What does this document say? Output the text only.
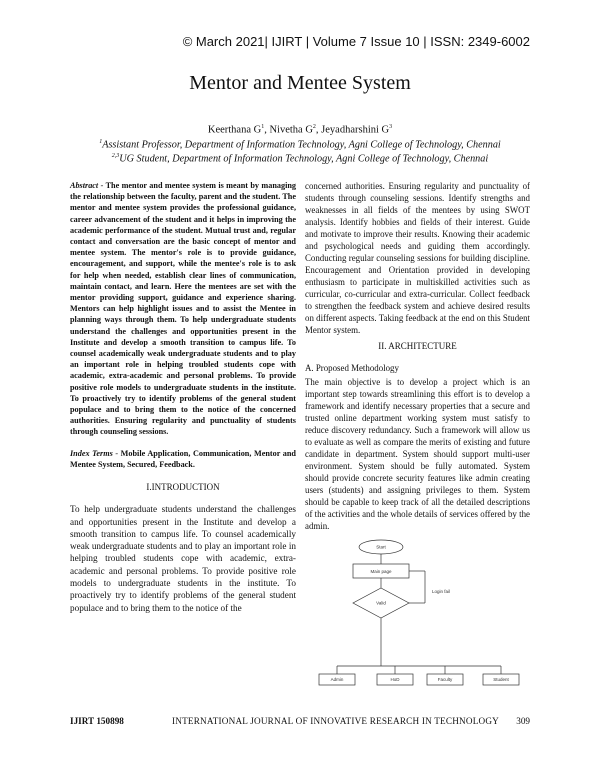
© March 2021| IJIRT | Volume 7 Issue 10 | ISSN: 2349-6002
Mentor and Mentee System
Keerthana $G^1$, Nivetha $G^2$, Jeyadharshini $G^3$
$^1$Assistant Professor, Department of Information Technology, Agni College of Technology, Chennai
$^{2,3}$UG Student, Department of Information Technology, Agni College of Technology, Chennai
Abstract - The mentor and mentee system is meant by managing the relationship between the faculty, parent and the student. The mentor and mentee system provides the professional guidance, career advancement of the student and it helps in improving the academic performance of the student. Mutual trust and, regular contact and conversation are the basic concept of mentor and mentee system. The mentor's role is to provide guidance, encouragement, and support, while the mentee's role is to ask for help when needed, establish clear lines of communication, maintain contact, and learn. Here the mentees are set with the mentor providing support, guidance and experience sharing. Mentors can help highlight issues and to assist the Mentee in planning ways through them. To help undergraduate students understand the challenges and opportunities present in the Institute and develop a smooth transition to campus life. To counsel academically weak undergraduate students and to play an important role in helping troubled students cope with academic, extra-academic and personal problems. To provide positive role models to undergraduate students in the institute. To proactively try to identify problems of the general student populace and to bring them to the notice of the concerned authorities. Ensuring regularity and punctuality of students through counseling sessions.
Index Terms - Mobile Application, Communication, Mentor and Mentee System, Secured, Feedback.
I.INTRODUCTION
To help undergraduate students understand the challenges and opportunities present in the Institute and develop a smooth transition to campus life. To counsel academically weak undergraduate students and to play an important role in helping troubled students cope with academic, extra-academic and personal problems. To provide positive role models to undergraduate students in the institute. To proactively try to identify problems of the general student populace and to bring them to the notice of the
concerned authorities. Ensuring regularity and punctuality of students through counseling sessions. Identify strengths and weaknesses in all fields of the mentees by using SWOT analysis. Identify hobbies and fields of their interest. Guide and motivate to improve their results. Knowing their academic and psychological needs and guiding them accordingly. Conducting regular counseling sessions for building discipline. Encouragement and Orientation provided in developing enthusiasm to participate in multiskilled activities such as curricular, co-curricular and extra-curricular. Collect feedback to strengthen the feedback system and achieve desired results on different aspects. Taking feedback at the end on this Student Mentor system.
II. ARCHITECTURE
A. Proposed Methodology
The main objective is to develop a project which is an important step towards streamlining this effort is to develop a framework and identify necessary properties that a secure and trusted online department working system must satisfy to reduce discovery redundancy. Such a framework will allow us to evaluate as well as compare the merits of existing and future candidate in department. System should support multi-user environment. System should be fully automated. System should provide concrete security features like admin creating users (students) and assigning privileges to them. System should be capable to keep track of all the detailed descriptions of the activities and the whole details of services offered by the admin.
Start
Main page
Valid
Login fail
Admin	HoD	Faculty	Student
IJIRT 150898	INTERNATIONAL JOURNAL OF INNOVATIVE RESEARCH IN TECHNOLOGY 309
